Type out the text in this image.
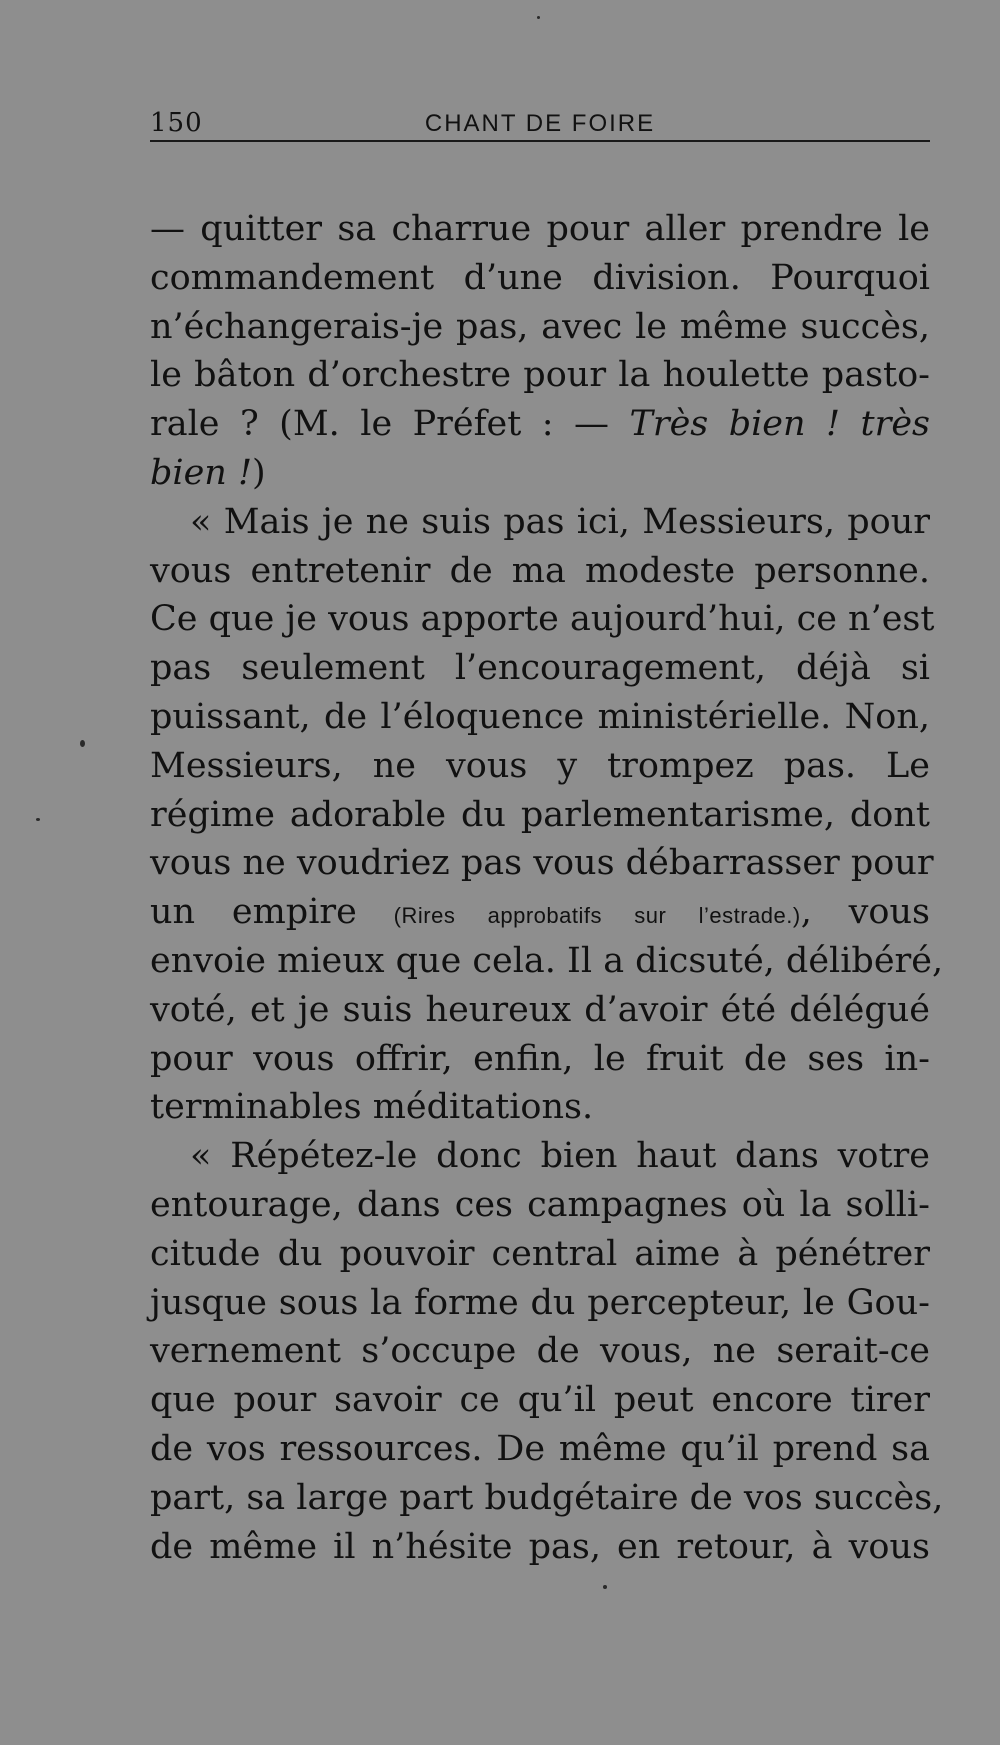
150	CHANT DE FOIRE
— quitter sa charrue pour aller prendre le
commandement d’une division. Pourquoi
n’échangerais-je pas, avec le même succès,
le bâton d’orchestre pour la houlette pasto-
rale ? (M. le Préfet : — Très bien ! très
bien !)
« Mais je ne suis pas ici, Messieurs, pour
vous entretenir de ma modeste personne.
Ce que je vous apporte aujourd’hui, ce n’est
pas seulement l’encouragement, déjà si
puissant, de l’éloquence ministérielle. Non,
Messieurs, ne vous y trompez pas. Le
régime adorable du parlementarisme, dont
vous ne voudriez pas vous débarrasser pour
un empire (Rires approbatifs sur l’estrade.), vous
envoie mieux que cela. Il a dicsuté, délibéré,
voté, et je suis heureux d’avoir été délégué
pour vous offrir, enfin, le fruit de ses in-
terminables méditations.
« Répétez-le donc bien haut dans votre
entourage, dans ces campagnes où la solli-
citude du pouvoir central aime à pénétrer
jusque sous la forme du percepteur, le Gou-
vernement s’occupe de vous, ne serait-ce
que pour savoir ce qu’il peut encore tirer
de vos ressources. De même qu’il prend sa
part, sa large part budgétaire de vos succès,
de même il n’hésite pas, en retour, à vous
